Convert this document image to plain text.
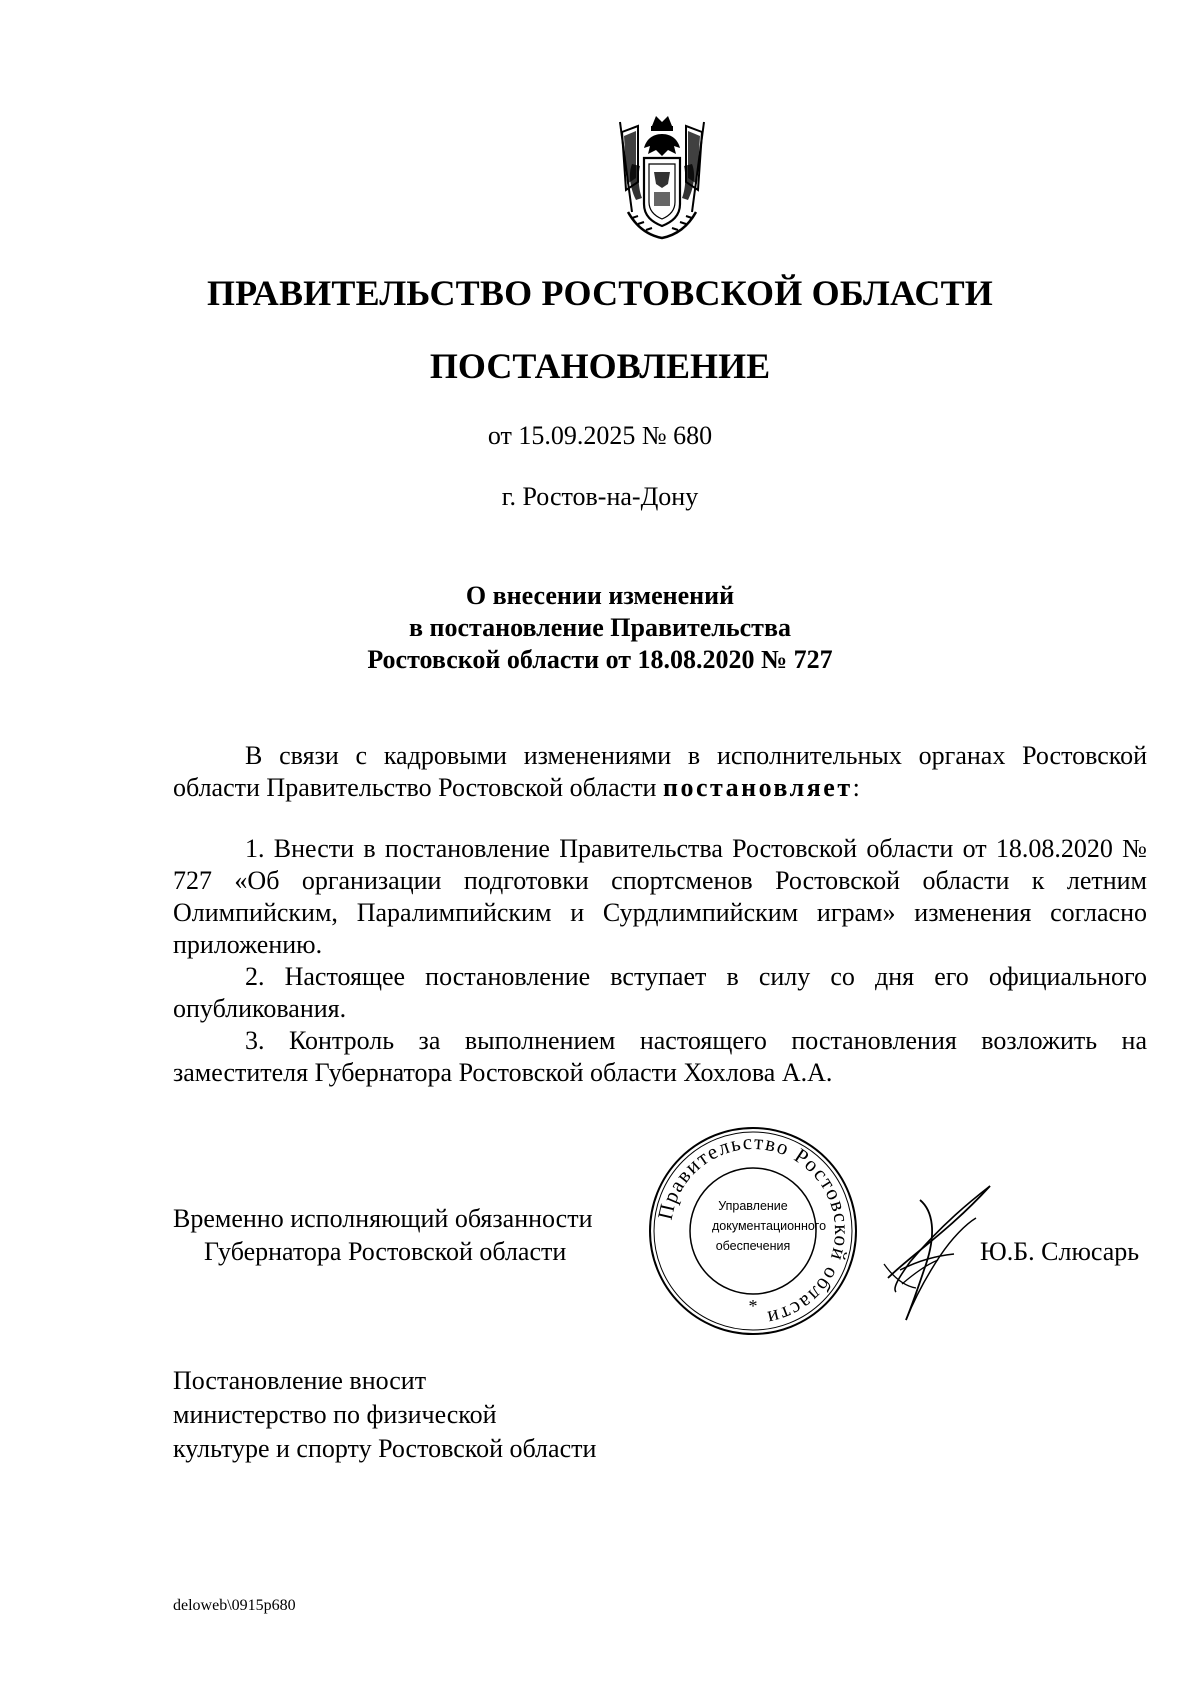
ПРАВИТЕЛЬСТВО РОСТОВСКОЙ ОБЛАСТИ
ПОСТАНОВЛЕНИЕ
от 15.09.2025 № 680
г. Ростов-на-Дону
О внесении изменений
в постановление Правительства
Ростовской области от 18.08.2020 № 727

В связи с кадровыми изменениями в исполнительных органах Ростовской области Правительство Ростовской области постановляет:

1. Внести в постановление Правительства Ростовской области от 18.08.2020 № 727 «Об организации подготовки спортсменов Ростовской области к летним Олимпийским, Паралимпийским и Сурдлимпийским играм» изменения согласно приложению.

2. Настоящее постановление вступает в силу со дня его официального опубликования.

3. Контроль за выполнением настоящего постановления возложить на заместителя Губернатора Ростовской области Хохлова А.А.

Временно исполняющий обязанности
Губернатора Ростовской области
Правительство Ростовской области
*
Управление
документационного
обеспечения	Ю.Б. Слюсарь
Постановление вносит
министерство по физической
культуре и спорту Ростовской области
deloweb\0915p680
